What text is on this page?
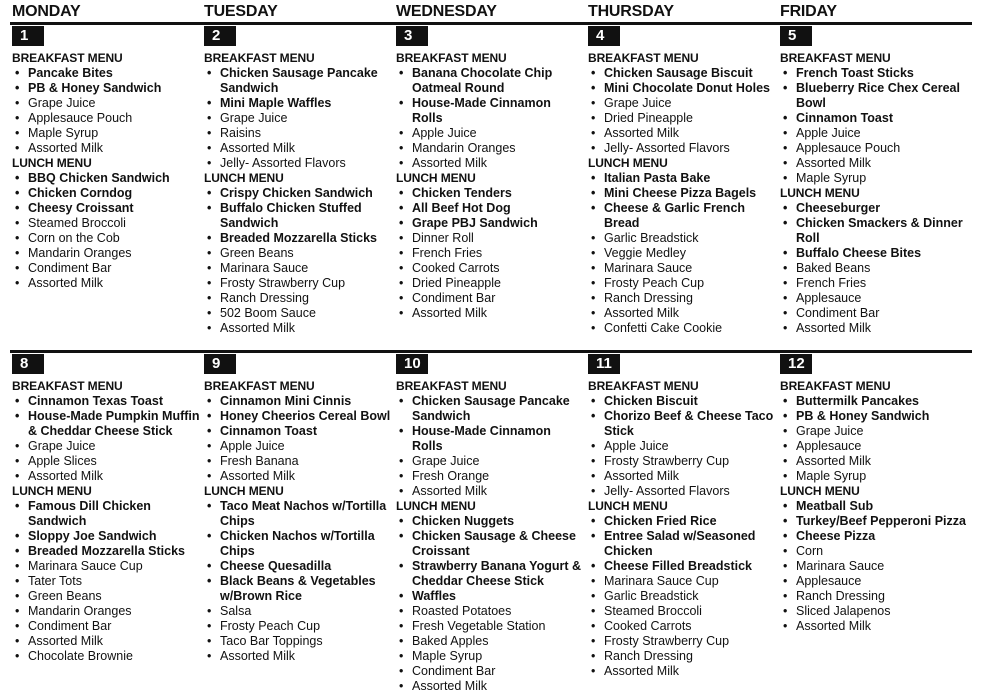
MONDAY	TUESDAY	WEDNESDAY	THURSDAY	FRIDAY
1
BREAKFAST MENU
• Pancake Bites
• PB & Honey Sandwich
• Grape Juice
• Applesauce Pouch
• Maple Syrup
• Assorted Milk
LUNCH MENU
• BBQ Chicken Sandwich
• Chicken Corndog
• Cheesy Croissant
• Steamed Broccoli
• Corn on the Cob
• Mandarin Oranges
• Condiment Bar
• Assorted Milk
2
BREAKFAST MENU
• Chicken Sausage Pancake Sandwich
• Mini Maple Waffles
• Grape Juice
• Raisins
• Assorted Milk
• Jelly- Assorted Flavors
LUNCH MENU
• Crispy Chicken Sandwich
• Buffalo Chicken Stuffed Sandwich
• Breaded Mozzarella Sticks
• Green Beans
• Marinara Sauce
• Frosty Strawberry Cup
• Ranch Dressing
• 502 Boom Sauce
• Assorted Milk
3
BREAKFAST MENU
• Banana Chocolate Chip Oatmeal Round
• House-Made Cinnamon Rolls
• Apple Juice
• Mandarin Oranges
• Assorted Milk
LUNCH MENU
• Chicken Tenders
• All Beef Hot Dog
• Grape PBJ Sandwich
• Dinner Roll
• French Fries
• Cooked Carrots
• Dried Pineapple
• Condiment Bar
• Assorted Milk
4
BREAKFAST MENU
• Chicken Sausage Biscuit
• Mini Chocolate Donut Holes
• Grape Juice
• Dried Pineapple
• Assorted Milk
• Jelly- Assorted Flavors
LUNCH MENU
• Italian Pasta Bake
• Mini Cheese Pizza Bagels
• Cheese & Garlic French Bread
• Garlic Breadstick
• Veggie Medley
• Marinara Sauce
• Frosty Peach Cup
• Ranch Dressing
• Assorted Milk
• Confetti Cake Cookie
5
BREAKFAST MENU
• French Toast Sticks
• Blueberry Rice Chex Cereal Bowl
• Cinnamon Toast
• Apple Juice
• Applesauce Pouch
• Assorted Milk
• Maple Syrup
LUNCH MENU
• Cheeseburger
• Chicken Smackers & Dinner Roll
• Buffalo Cheese Bites
• Baked Beans
• French Fries
• Applesauce
• Condiment Bar
• Assorted Milk
8
BREAKFAST MENU
• Cinnamon Texas Toast
• House-Made Pumpkin Muffin & Cheddar Cheese Stick
• Grape Juice
• Apple Slices
• Assorted Milk
LUNCH MENU
• Famous Dill Chicken Sandwich
• Sloppy Joe Sandwich
• Breaded Mozzarella Sticks
• Marinara Sauce Cup
• Tater Tots
• Green Beans
• Mandarin Oranges
• Condiment Bar
• Assorted Milk
• Chocolate Brownie
9
BREAKFAST MENU
• Cinnamon Mini Cinnis
• Honey Cheerios Cereal Bowl
• Cinnamon Toast
• Apple Juice
• Fresh Banana
• Assorted Milk
LUNCH MENU
• Taco Meat Nachos w/Tortilla Chips
• Chicken Nachos w/Tortilla Chips
• Cheese Quesadilla
• Black Beans & Vegetables w/Brown Rice
• Salsa
• Frosty Peach Cup
• Taco Bar Toppings
• Assorted Milk
10
BREAKFAST MENU
• Chicken Sausage Pancake Sandwich
• House-Made Cinnamon Rolls
• Grape Juice
• Fresh Orange
• Assorted Milk
LUNCH MENU
• Chicken Nuggets
• Chicken Sausage & Cheese Croissant
• Strawberry Banana Yogurt & Cheddar Cheese Stick
• Waffles
• Roasted Potatoes
• Fresh Vegetable Station
• Baked Apples
• Maple Syrup
• Condiment Bar
• Assorted Milk
11
BREAKFAST MENU
• Chicken Biscuit
• Chorizo Beef & Cheese Taco Stick
• Apple Juice
• Frosty Strawberry Cup
• Assorted Milk
• Jelly- Assorted Flavors
LUNCH MENU
• Chicken Fried Rice
• Entree Salad w/Seasoned Chicken
• Cheese Filled Breadstick
• Marinara Sauce Cup
• Garlic Breadstick
• Steamed Broccoli
• Cooked Carrots
• Frosty Strawberry Cup
• Ranch Dressing
• Assorted Milk
12
BREAKFAST MENU
• Buttermilk Pancakes
• PB & Honey Sandwich
• Grape Juice
• Applesauce
• Assorted Milk
• Maple Syrup
LUNCH MENU
• Meatball Sub
• Turkey/Beef Pepperoni Pizza
• Cheese Pizza
• Corn
• Marinara Sauce
• Applesauce
• Ranch Dressing
• Sliced Jalapenos
• Assorted Milk
